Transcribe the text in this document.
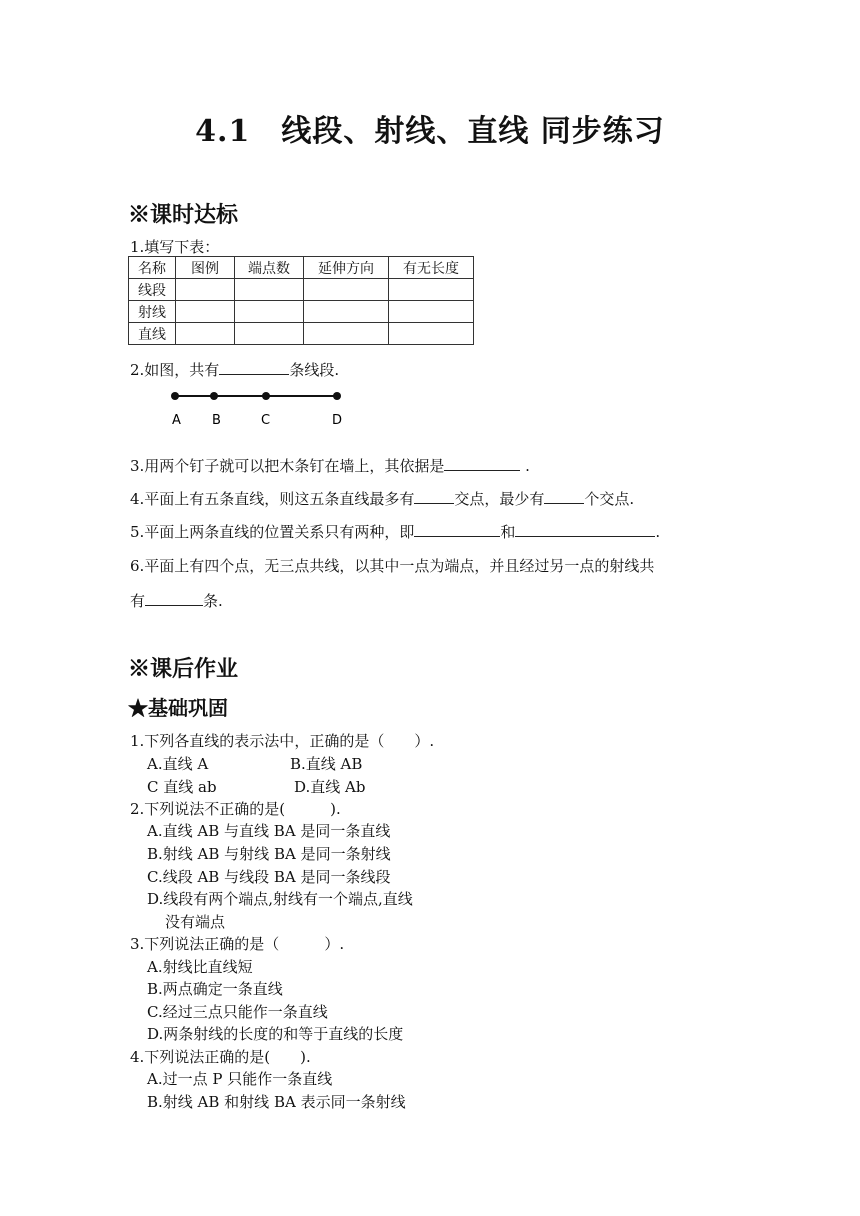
4.1　线段、射线、直线 同步练习
※课时达标
1.填写下表：
名称	图例	端点数	延伸方向	有无长度
线段				
射线				
直线				
2.如图，共有	条线段.
A B	C	D
3.用两个钉子就可以把木条钉在墙上，其依据是	.
4.平面上有五条直线，则这五条直线最多有	交点，最少有	个交点.
5.平面上两条直线的位置关系只有两种，即	和	.
6.平面上有四个点，无三点共线，以其中一点为端点，并且经过另一点的射线共
有	条.
※课后作业
★基础巩固
1.下列各直线的表示法中，正确的是（　　）.
A.直线 A	B.直线 AB
C 直线 ab	D.直线 Ab
2.下列说法不正确的是(　　　).
A.直线 AB 与直线 BA 是同一条直线
B.射线 AB 与射线 BA 是同一条射线
C.线段 AB 与线段 BA 是同一条线段
D.线段有两个端点,射线有一个端点,直线
没有端点
3.下列说法正确的是（　　　）.
A.射线比直线短
B.两点确定一条直线
C.经过三点只能作一条直线
D.两条射线的长度的和等于直线的长度
4.下列说法正确的是(　　).
A.过一点 P 只能作一条直线
B.射线 AB 和射线 BA 表示同一条射线
